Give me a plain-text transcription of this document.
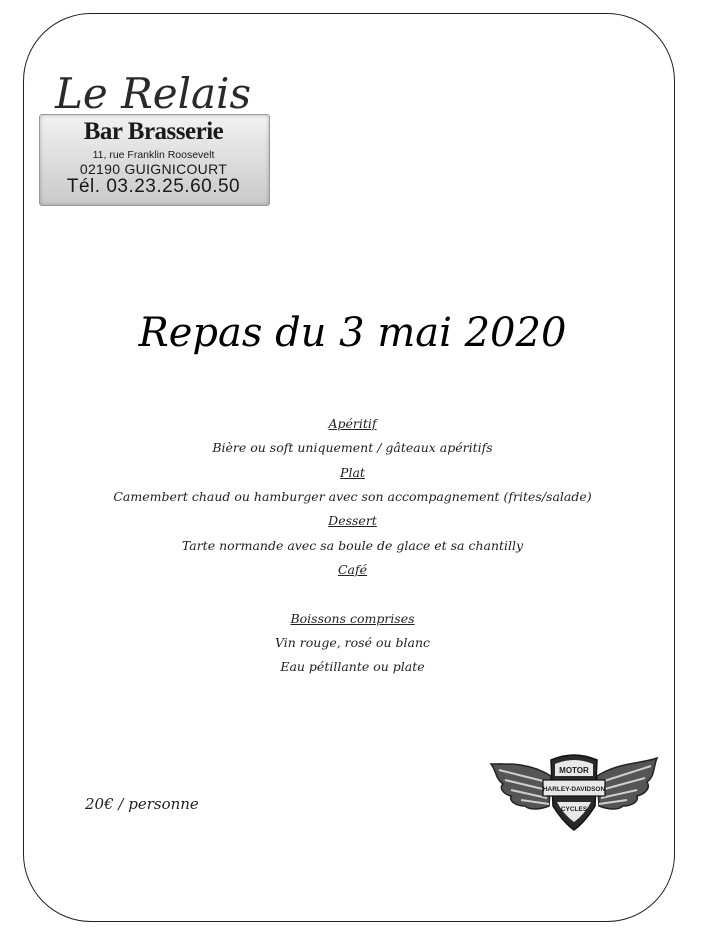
Le Relais
Bar Brasserie
11, rue Franklin Roosevelt
02190 GUIGNICOURT
Tél. 03.23.25.60.50
Repas du 3 mai 2020
Apéritif
Bière ou soft uniquement / gâteaux apéritifs
Plat
Camembert chaud ou hamburger avec son accompagnement (frites/salade)
Dessert
Tarte normande avec sa boule de glace et sa chantilly
Café
Boissons comprises
Vin rouge, rosé ou blanc
Eau pétillante ou plate
20€ / personne
MOTOR
HARLEY-DAVIDSON
CYCLES
